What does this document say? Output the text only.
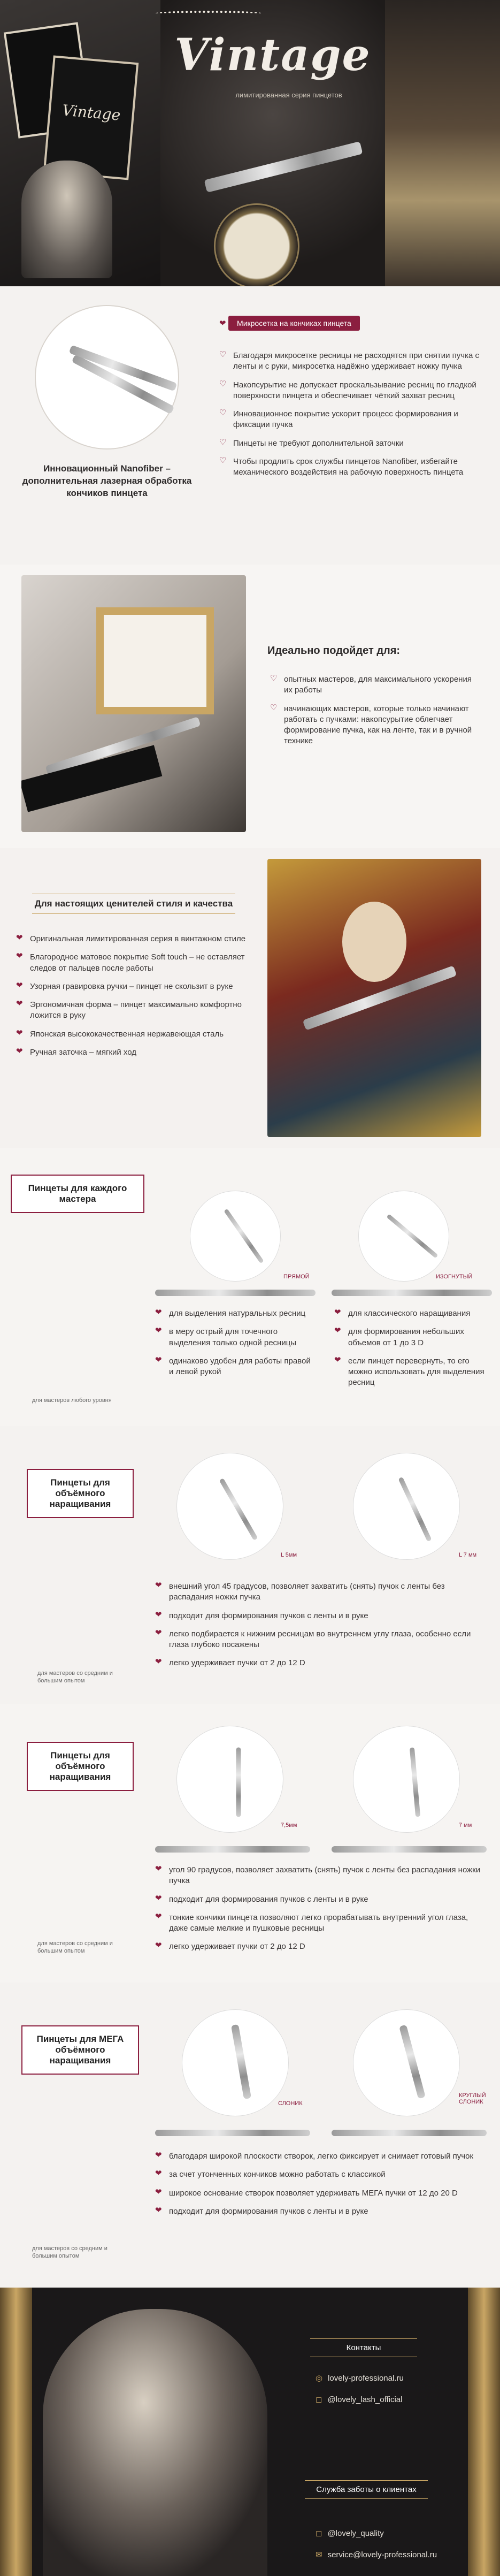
Vintage
Vintage
лимитированная серия пинцетов
Инновационный Nanofiber – дополнительная лазерная обработка кончиков пинцета
❤ Микросетка на кончиках пинцета
♡ Благодаря микросетке ресницы не расходятся при снятии пучка с ленты и с руки, микросетка надёжно удерживает ножку пучка
♡ Накопсурытие не допускает проскальзывание ресниц по гладкой поверхности пинцета и обеспечивает чёткий захват ресниц
♡ Инновационное покрытие ускорит процесс формирования и фиксации пучка
♡ Пинцеты не требуют дополнительной заточки
♡ Чтобы продлить срок службы пинцетов Nanofiber, избегайте механического воздействия на рабочую поверхность пинцета
Идеально подойдет для:
♡ опытных мастеров, для максимального ускорения их работы
♡ начинающих мастеров, которые только начинают работать с пучками: накопсурытие облегчает формирование пучка, как на ленте, так и в ручной технике
Для настоящих ценителей стиля и качества
❤ Оригинальная лимитированная серия в винтажном стиле
❤ Благородное матовое покрытие Soft touch – не оставляет следов от пальцев после работы
❤ Узорная гравировка ручки – пинцет не скользит в руке
❤ Эргономичная форма – пинцет максимально комфортно ложится в руку
❤ Японская высококачественная нержавеющая сталь
❤ Ручная заточка – мягкий ход
Пинцеты для каждого мастера
ПРЯМОЙ	ИЗОГНУТЫЙ
❤ для выделения натуральных ресниц
❤ в меру острый для точечного выделения только одной ресницы
❤ одинаково удобен для работы правой и левой рукой
❤ для классического наращивания
❤ для формирования небольших объемов от 1 до 3 D
❤ если пинцет перевернуть, то его можно использовать для выделения ресниц
для мастеров любого уровня
Пинцеты для объёмного наращивания
L 5мм	L 7 мм
❤ внешний угол 45 градусов, позволяет захватить (снять) пучок с ленты без распадания ножки пучка
❤ подходит для формирования пучков с ленты и в руке
❤ легко подбирается к нижним ресницам во внутреннем углу глаза, особенно если глаза глубоко посажены
❤ легко удерживает пучки от 2 до 12 D
для мастеров со средним и большим опытом
Пинцеты для объёмного наращивания
7,5мм	7 мм
❤ угол 90 градусов, позволяет захватить (снять) пучок с ленты без распадания ножки пучка
❤ подходит для формирования пучков с ленты и в руке
❤ тонкие кончики пинцета позволяют легко прорабатывать внутренний угол глаза, даже самые мелкие и пушковые ресницы
❤ легко удерживает пучки от 2 до 12 D
для мастеров со средним и большим опытом
Пинцеты для МЕГА объёмного наращивания
СЛОНИК
КРУГЛЫЙ СЛОНИК
❤ благодаря широкой плоскости створок, легко фиксирует и снимает готовый пучок
❤ за счет утонченных кончиков можно работать с классикой
❤ широкое основание створок позволяет удерживать МЕГА пучки от 12 до 20 D
❤ подходит для формирования пучков с ленты и в руке
для мастеров со средним и большим опытом
Контакты
◎ lovely-professional.ru
◻ @lovely_lash_official
Служба заботы о клиентах
◻ @lovely_quality
✉ service@lovely-professional.ru
